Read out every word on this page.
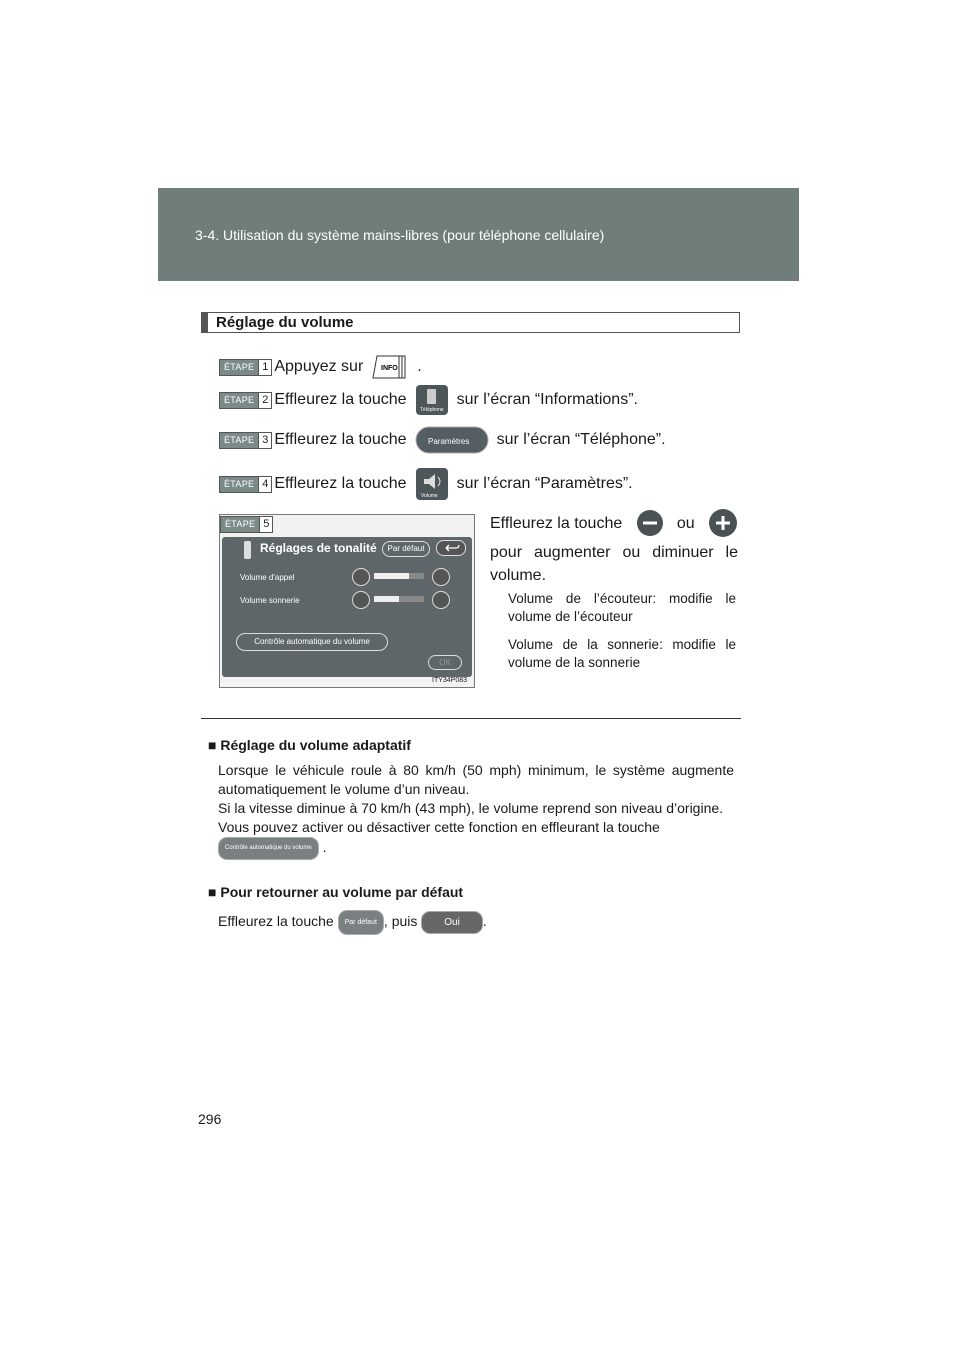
3-4. Utilisation du système mains-libres (pour téléphone cellulaire)
Réglage du volume
ÉTAPE 1 Appuyez sur	INFO .
ÉTAPE 2 Effleurez la touche
Téléphone
sur l’écran “Informations”.
ÉTAPE 3 Effleurez la touche	Paramètres sur l’écran “Téléphone”.
ÉTAPE 4 Effleurez la touche
Volume
sur l’écran “Paramètres”.
ÉTAPE 5
Réglages de tonalité	Par défaut
Volume d'appel
Volume sonnerie
Contrôle automatique du volume
OK
ITY34P083
Effleurez la touche	ou
pour augmenter ou diminuer le volume.
Volume de l’écouteur: modifie le volume de l’écouteur
Volume de la sonnerie: modifie le volume de la sonnerie
■ Réglage du volume adaptatif
Lorsque le véhicule roule à 80 km/h (50 mph) minimum, le système augmente automatiquement le volume d’un niveau.
Si la vitesse diminue à 70 km/h (43 mph), le volume reprend son niveau d’origine.
Vous pouvez activer ou désactiver cette fonction en effleurant la touche
Contrôle automatique du volume .
■ Pour retourner au volume par défaut
Effleurez la touche Par défaut , puis	Oui .
296
